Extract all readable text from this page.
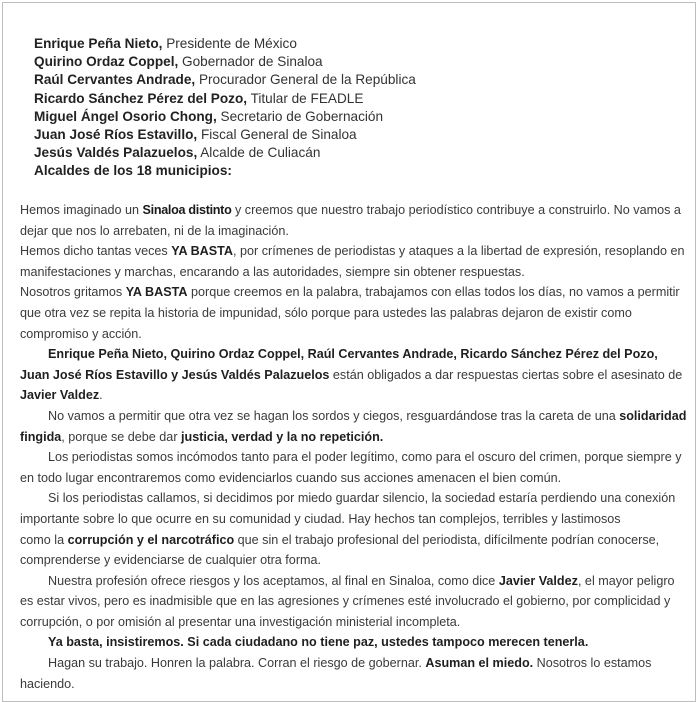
Enrique Peña Nieto, Presidente de México
Quirino Ordaz Coppel, Gobernador de Sinaloa
Raúl Cervantes Andrade, Procurador General de la República
Ricardo Sánchez Pérez del Pozo, Titular de FEADLE
Miguel Ángel Osorio Chong, Secretario de Gobernación
Juan José Ríos Estavillo, Fiscal General de Sinaloa
Jesús Valdés Palazuelos, Alcalde de Culiacán
Alcaldes de los 18 municipios:

Hemos imaginado un Sinaloa distinto y creemos que nuestro trabajo periodístico contribuye a construirlo. No vamos a dejar que nos lo arrebaten, ni de la imaginación.

Hemos dicho tantas veces YA BASTA, por crímenes de periodistas y ataques a la libertad de expresión, resoplando en manifestaciones y marchas, encarando a las autoridades, siempre sin obtener respuestas.

Nosotros gritamos YA BASTA porque creemos en la palabra, trabajamos con ellas todos los días, no vamos a permitir que otra vez se repita la historia de impunidad, sólo porque para ustedes las palabras dejaron de existir como compromiso y acción.

Enrique Peña Nieto, Quirino Ordaz Coppel, Raúl Cervantes Andrade, Ricardo Sánchez Pérez del Pozo, Juan José Ríos Estavillo y Jesús Valdés Palazuelos están obligados a dar respuestas ciertas sobre el asesinato de Javier Valdez.

No vamos a permitir que otra vez se hagan los sordos y ciegos, resguardándose tras la careta de una solidaridad fingida, porque se debe dar justicia, verdad y la no repetición.

Los periodistas somos incómodos tanto para el poder legítimo, como para el oscuro del crimen, porque siempre y en todo lugar encontraremos como evidenciarlos cuando sus acciones amenacen el bien común.

Si los periodistas callamos, si decidimos por miedo guardar silencio, la sociedad estaría perdiendo una conexión importante sobre lo que ocurre en su comunidad y ciudad. Hay hechos tan complejos, terribles y lastimosos
como la corrupción y el narcotráfico que sin el trabajo profesional del periodista, difícilmente podrían conocerse, comprenderse y evidenciarse de cualquier otra forma.

Nuestra profesión ofrece riesgos y los aceptamos, al final en Sinaloa, como dice Javier Valdez, el mayor peligro es estar vivos, pero es inadmisible que en las agresiones y crímenes esté involucrado el gobierno, por complicidad y corrupción, o por omisión al presentar una investigación ministerial incompleta.

Ya basta, insistiremos. Si cada ciudadano no tiene paz, ustedes tampoco merecen tenerla.

Hagan su trabajo. Honren la palabra. Corran el riesgo de gobernar. Asuman el miedo. Nosotros lo estamos haciendo.
